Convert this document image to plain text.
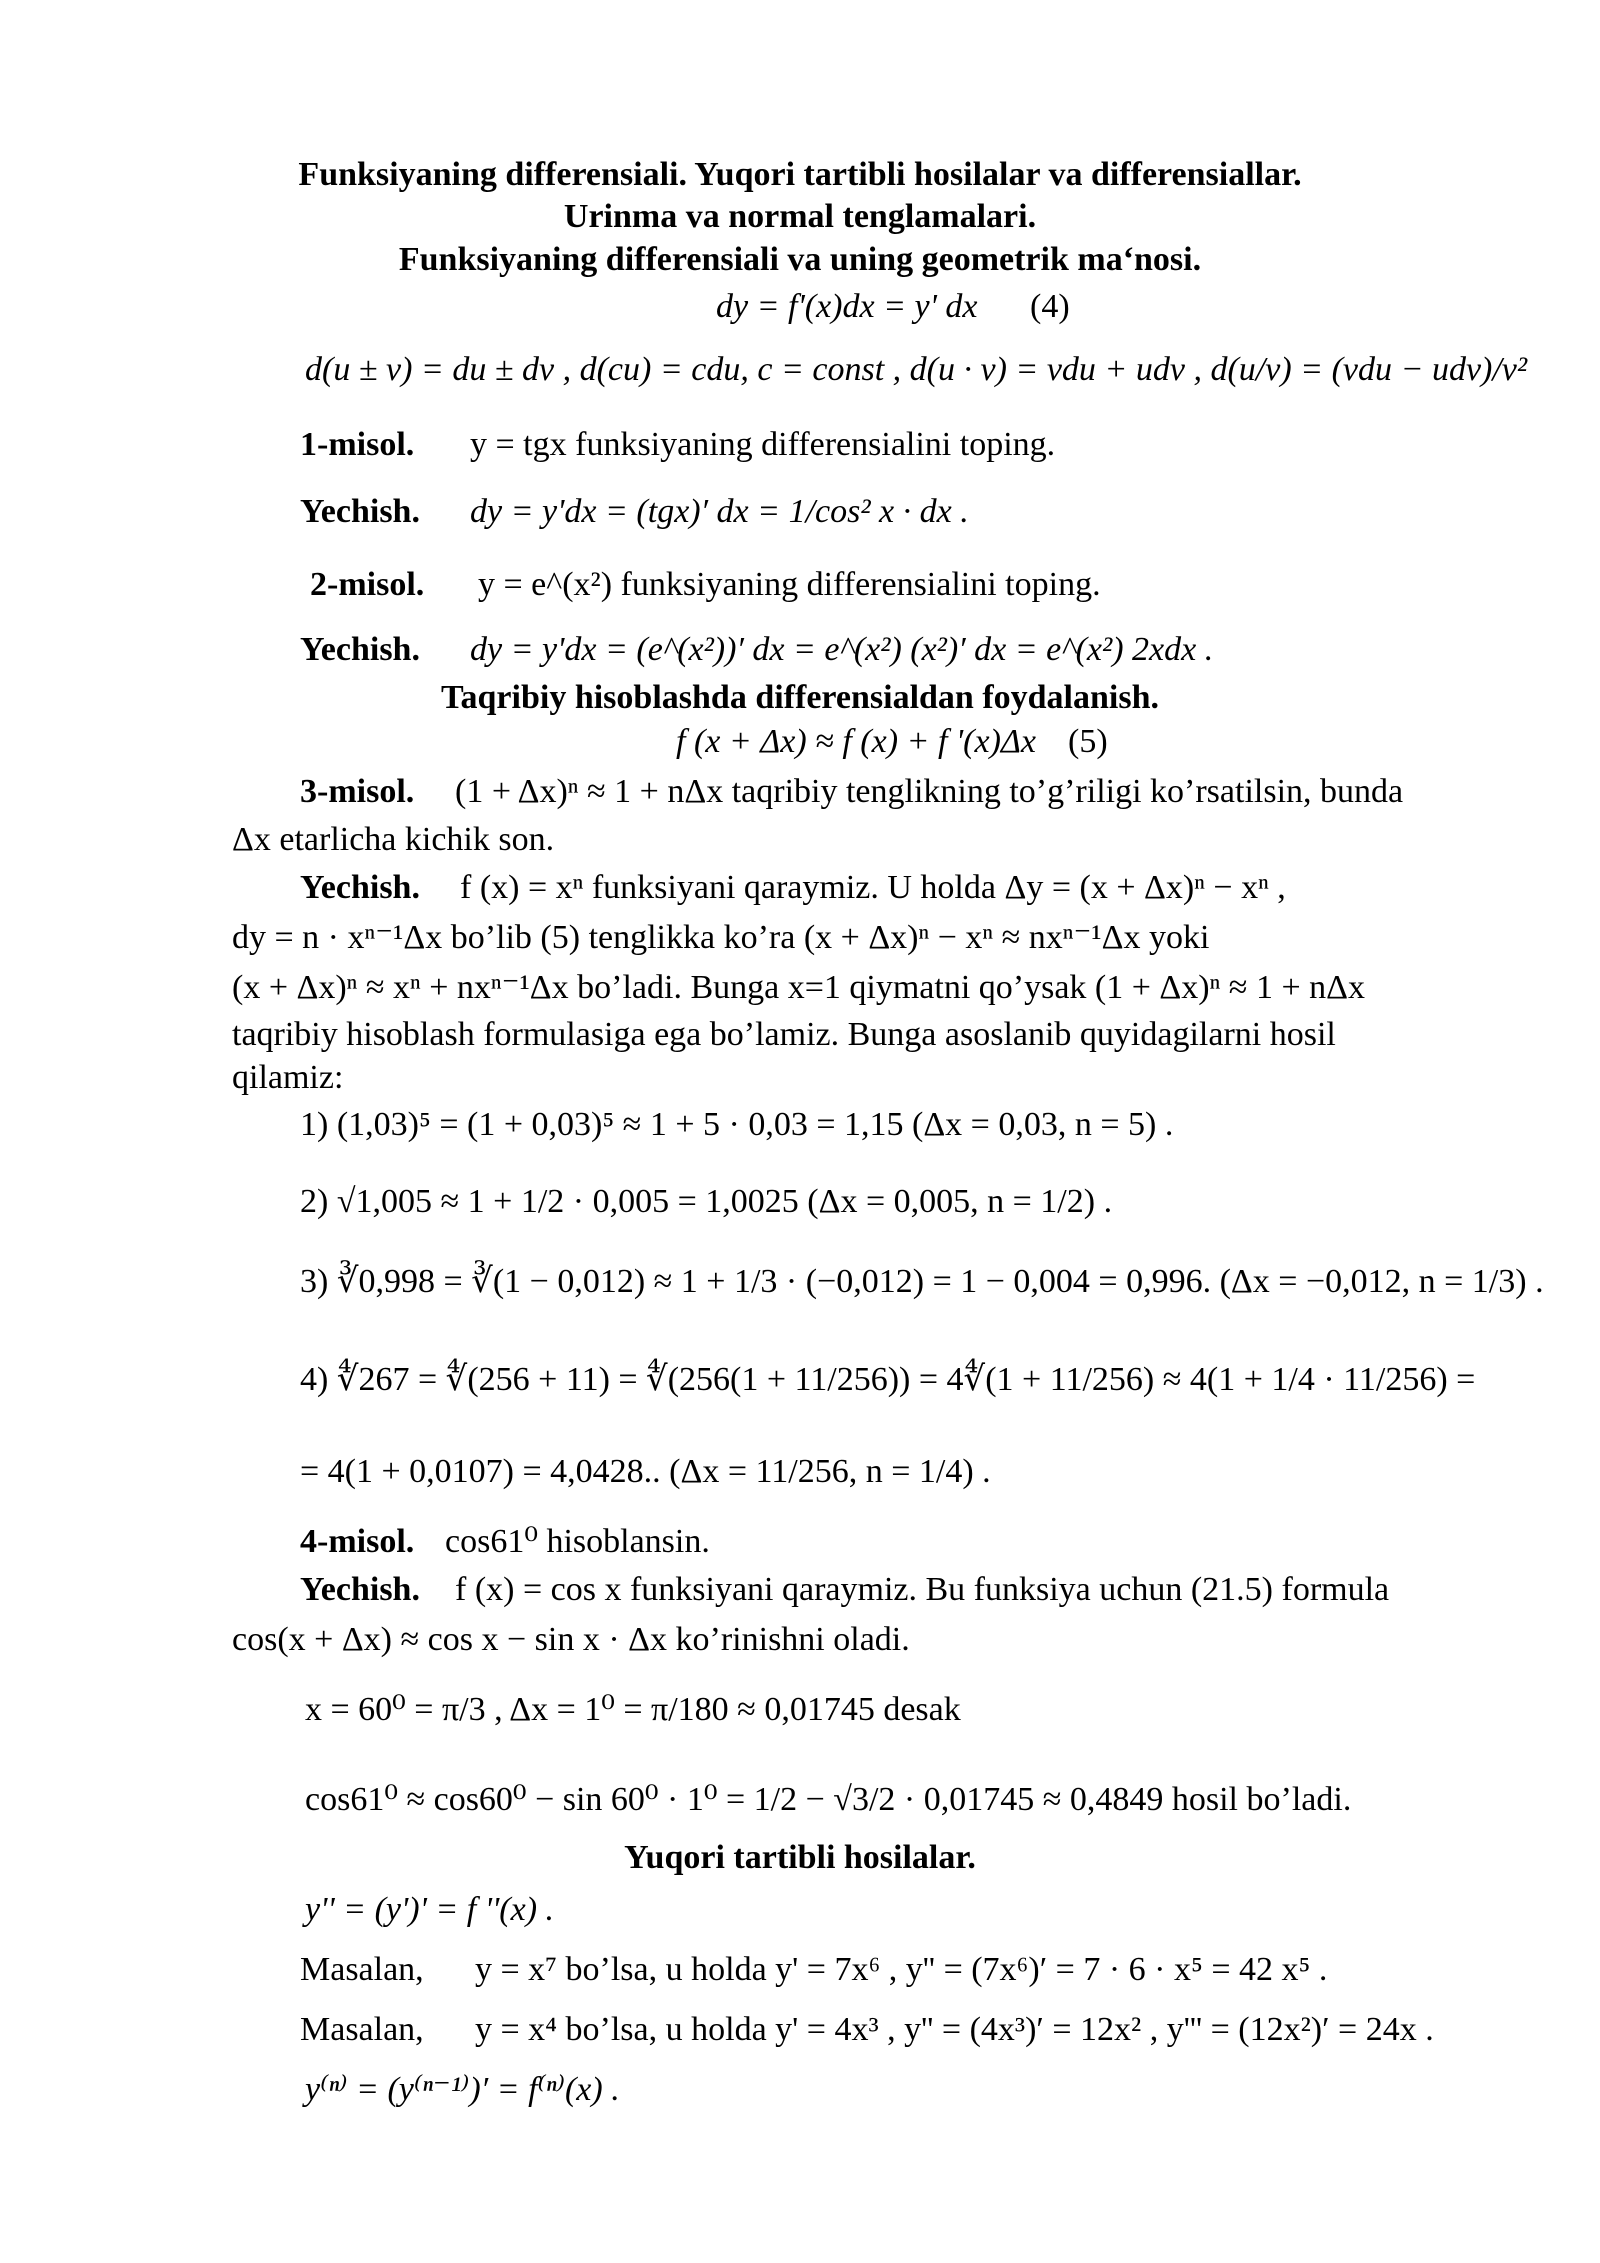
Funksiyaning differensiali. Yuqori tartibli hosilalar va differensiallar.
Urinma va normal tenglamalari.
Funksiyaning differensiali va uning geometrik ma‘nosi.
dy = f'(x)dx = y' dx (4)
d(u ± v) = du ± dv , d(cu) = cdu, c = const , d(u · v) = vdu + udv , d(u/v) = (vdu − udv)/v²
1-misol. y = tgx funksiyaning differensialini toping.
Yechish. dy = y'dx = (tgx)′ dx = 1/cos² x · dx .
2-misol. y = e^(x²) funksiyaning differensialini toping.
Yechish. dy = y'dx = (e^(x²))′ dx = e^(x²) (x²)′ dx = e^(x²) 2xdx .
Taqribiy hisoblashda differensialdan foydalanish.
f (x + Δx) ≈ f (x) + f '(x)Δx (5)
3-misol. (1 + Δx)ⁿ ≈ 1 + nΔx taqribiy tenglikning to’g’riligi ko’rsatilsin, bunda
Δx etarlicha kichik son.
Yechish. f (x) = xⁿ funksiyani qaraymiz. U holda Δy = (x + Δx)ⁿ − xⁿ ,
dy = n · xⁿ⁻¹Δx bo’lib (5) tenglikka ko’ra (x + Δx)ⁿ − xⁿ ≈ nxⁿ⁻¹Δx yoki
(x + Δx)ⁿ ≈ xⁿ + nxⁿ⁻¹Δx bo’ladi. Bunga x=1 qiymatni qo’ysak (1 + Δx)ⁿ ≈ 1 + nΔx
taqribiy hisoblash formulasiga ega bo’lamiz. Bunga asoslanib quyidagilarni hosil
qilamiz:
1) (1,03)⁵ = (1 + 0,03)⁵ ≈ 1 + 5 · 0,03 = 1,15 (Δx = 0,03, n = 5) .
2) √1,005 ≈ 1 + 1/2 · 0,005 = 1,0025 (Δx = 0,005, n = 1/2) .
3) ∛0,998 = ∛(1 − 0,012) ≈ 1 + 1/3 · (−0,012) = 1 − 0,004 = 0,996. (Δx = −0,012, n = 1/3) .
4) ∜267 = ∜(256 + 11) = ∜(256(1 + 11/256)) = 4∜(1 + 11/256) ≈ 4(1 + 1/4 · 11/256) =
= 4(1 + 0,0107) = 4,0428.. (Δx = 11/256, n = 1/4) .
4-misol. cos61⁰ hisoblansin.
Yechish. f (x) = cos x funksiyani qaraymiz. Bu funksiya uchun (21.5) formula
cos(x + Δx) ≈ cos x − sin x · Δx ko’rinishni oladi.
x = 60⁰ = π/3 , Δx = 1⁰ = π/180 ≈ 0,01745 desak
cos61⁰ ≈ cos60⁰ − sin 60⁰ · 1⁰ = 1/2 − √3/2 · 0,01745 ≈ 0,4849 hosil bo’ladi.
Yuqori tartibli hosilalar.
y'' = (y')' = f ''(x) .
Masalan, y = x⁷ bo’lsa, u holda y' = 7x⁶ , y'' = (7x⁶)′ = 7 · 6 · x⁵ = 42 x⁵ .
Masalan, y = x⁴ bo’lsa, u holda y' = 4x³ , y'' = (4x³)′ = 12x² , y''' = (12x²)′ = 24x .
y⁽ⁿ⁾ = (y⁽ⁿ⁻¹⁾)′ = f⁽ⁿ⁾(x) .
